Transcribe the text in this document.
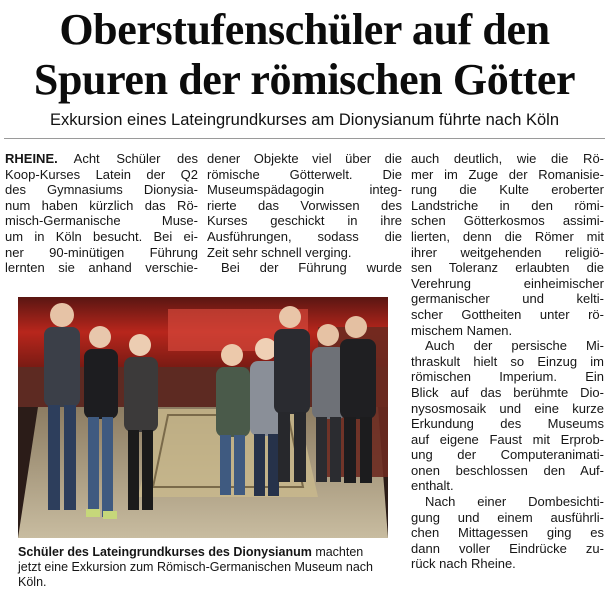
Oberstufenschüler auf den
Spuren der römischen Götter

Exkursion eines Lateingrundkurses am Dionysianum führte nach Köln

RHEINE. Acht Schüler des
Koop-Kurses Latein der Q2
des Gymnasiums Dionysia-
num haben kürzlich das Rö-
misch-Germanische Muse-
um in Köln besucht. Bei ei-
ner 90-minütigen Führung
lernten sie anhand verschie-
dener Objekte viel über die
römische Götterwelt. Die
Museumspädagogin integ-
rierte das Vorwissen des
Kurses geschickt in ihre
Ausführungen, sodass die
Zeit sehr schnell verging.
Bei der Führung wurde
auch deutlich, wie die Rö-
mer im Zuge der Romanisie-
rung die Kulte eroberter
Landstriche in den römi-
schen Götterkosmos assimi-
lierten, denn die Römer mit
ihrer weitgehenden religiö-
sen Toleranz erlaubten die
Verehrung einheimischer
germanischer und kelti-
scher Gottheiten unter rö-
mischem Namen.
Auch der persische Mi-
thraskult hielt so Einzug im
römischen Imperium. Ein
Blick auf das berühmte Dio-
nysosmosaik und eine kurze
Erkundung des Museums
auf eigene Faust mit Erprob-
ung der Computeranimati-
onen beschlossen den Auf-
enthalt.
Nach einer Dombesichti-
gung und einem ausführli-
chen Mittagessen ging es
dann voller Eindrücke zu-
rück nach Rheine.
Schüler des Lateingrundkurses des Dionysianum machten
jetzt eine Exkursion zum Römisch-Germanischen Museum nach
Köln.
